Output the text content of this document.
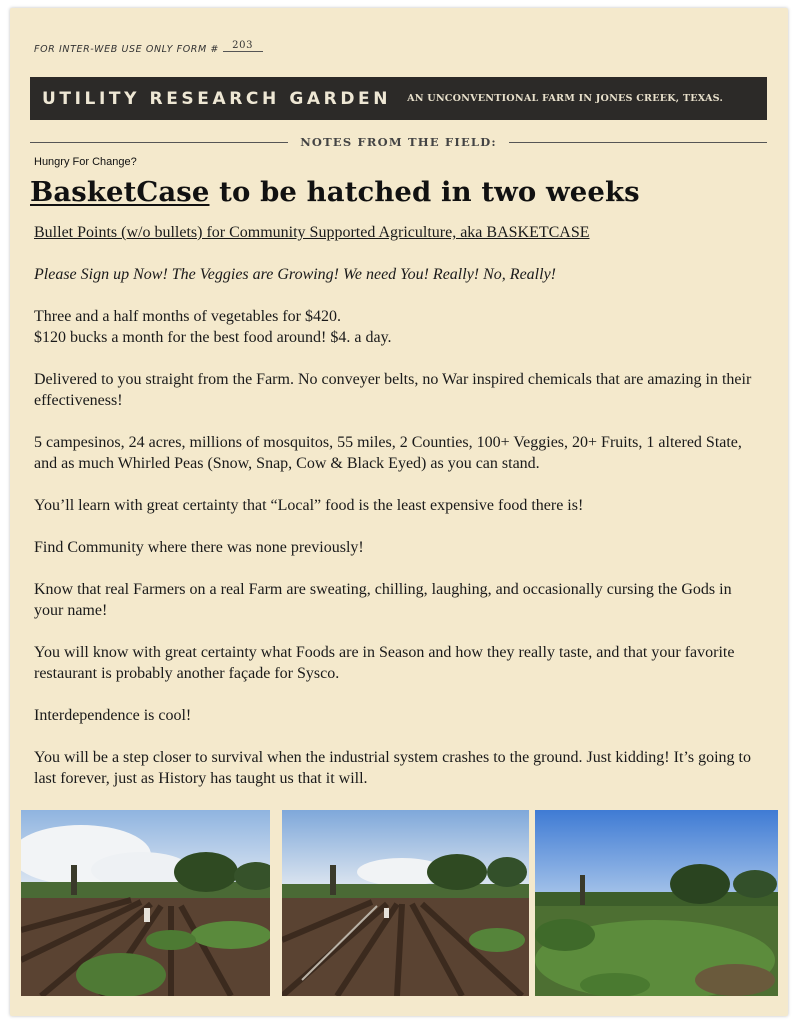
FOR INTER-WEB USE ONLY FORM # 203
UTILITY RESEARCH GARDEN AN UNCONVENTIONAL FARM IN JONES CREEK, TEXAS.
NOTES FROM THE FIELD:
Hungry For Change?
BasketCase to be hatched in two weeks

Bullet Points (w/o bullets) for Community Supported Agriculture, aka BASKETCASE

Please Sign up Now! The Veggies are Growing! We need You! Really! No, Really!

Three and a half months of vegetables for $420.
$120 bucks a month for the best food around! $4. a day.

Delivered to you straight from the Farm. No conveyer belts, no War inspired chemicals that are amazing in their effectiveness!

5 campesinos, 24 acres, millions of mosquitos, 55 miles, 2 Counties, 100+ Veggies, 20+ Fruits, 1 altered State, and as much Whirled Peas (Snow, Snap, Cow & Black Eyed) as you can stand.

You’ll learn with great certainty that “Local” food is the least expensive food there is!

Find Community where there was none previously!

Know that real Farmers on a real Farm are sweating, chilling, laughing, and occasionally cursing the Gods in your name!

You will know with great certainty what Foods are in Season and how they really taste, and that your favorite restaurant is probably another façade for Sysco.

Interdependence is cool!

You will be a step closer to survival when the industrial system crashes to the ground. Just kidding! It’s going to last forever, just as History has taught us that it will.
